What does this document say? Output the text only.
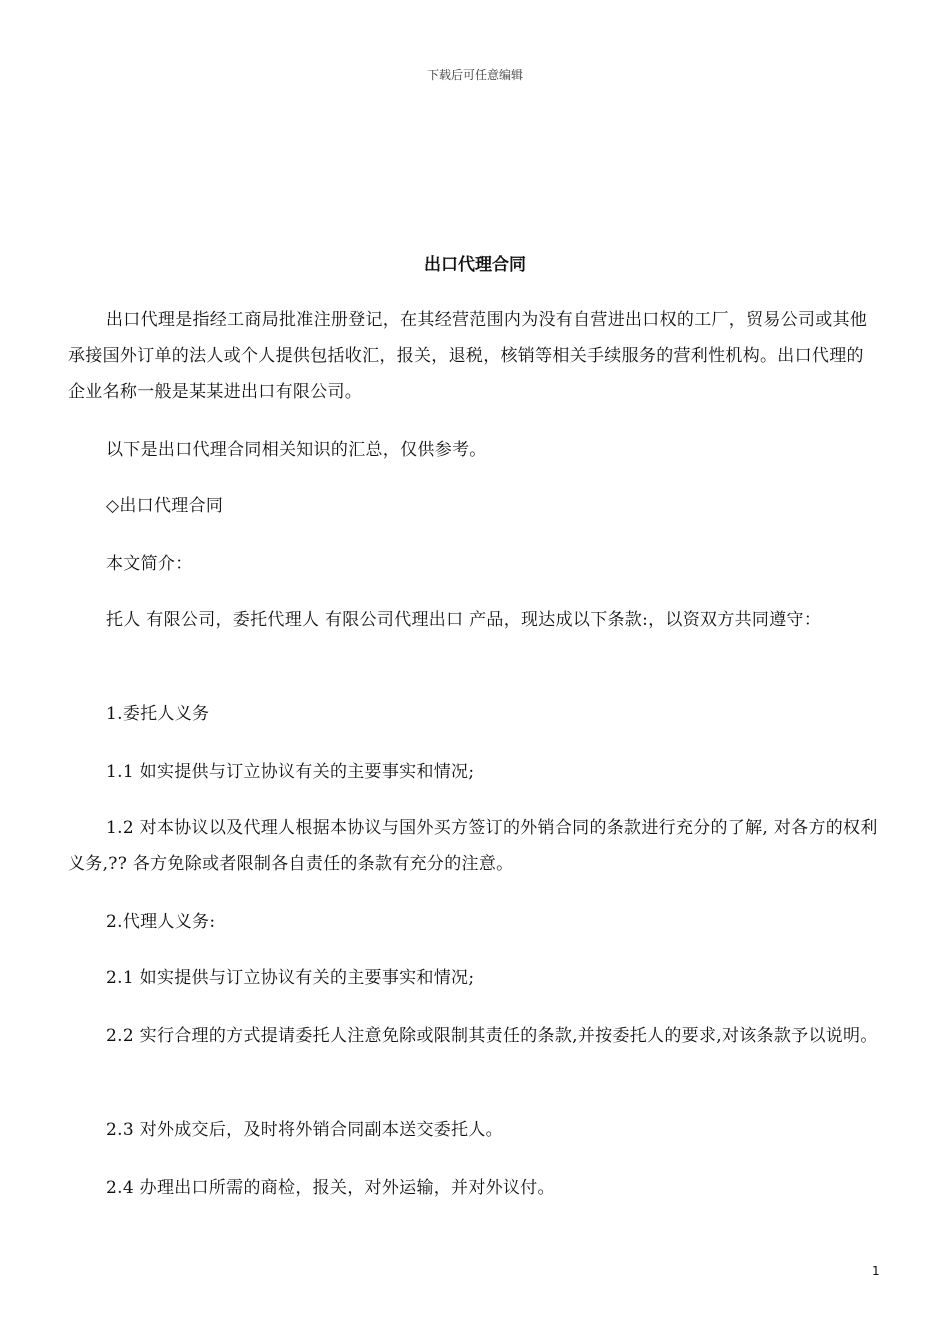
下载后可任意编辑
出口代理合同

出口代理是指经工商局批准注册登记，在其经营范围内为没有自营进出口权的工厂，贸易公司或其他承接国外订单的法人或个人提供包括收汇，报关，退税，核销等相关手续服务的营利性机构。出口代理的企业名称一般是某某进出口有限公司。

以下是出口代理合同相关知识的汇总，仅供参考。

◇出口代理合同

本文简介：

托人 有限公司，委托代理人 有限公司代理出口 产品，现达成以下条款:，以资双方共同遵守：

1.委托人义务

1.1 如实提供与订立协议有关的主要事实和情况;

1.2 对本协议以及代理人根据本协议与国外买方签订的外销合同的条款进行充分的了解, 对各方的权利义务,?? 各方免除或者限制各自责任的条款有充分的注意。

2.代理人义务:

2.1 如实提供与订立协议有关的主要事实和情况;

2.2 实行合理的方式提请委托人注意免除或限制其责任的条款,并按委托人的要求,对该条款予以说明。

2.3 对外成交后，及时将外销合同副本送交委托人。

2.4 办理出口所需的商检，报关，对外运输，并对外议付。

1
